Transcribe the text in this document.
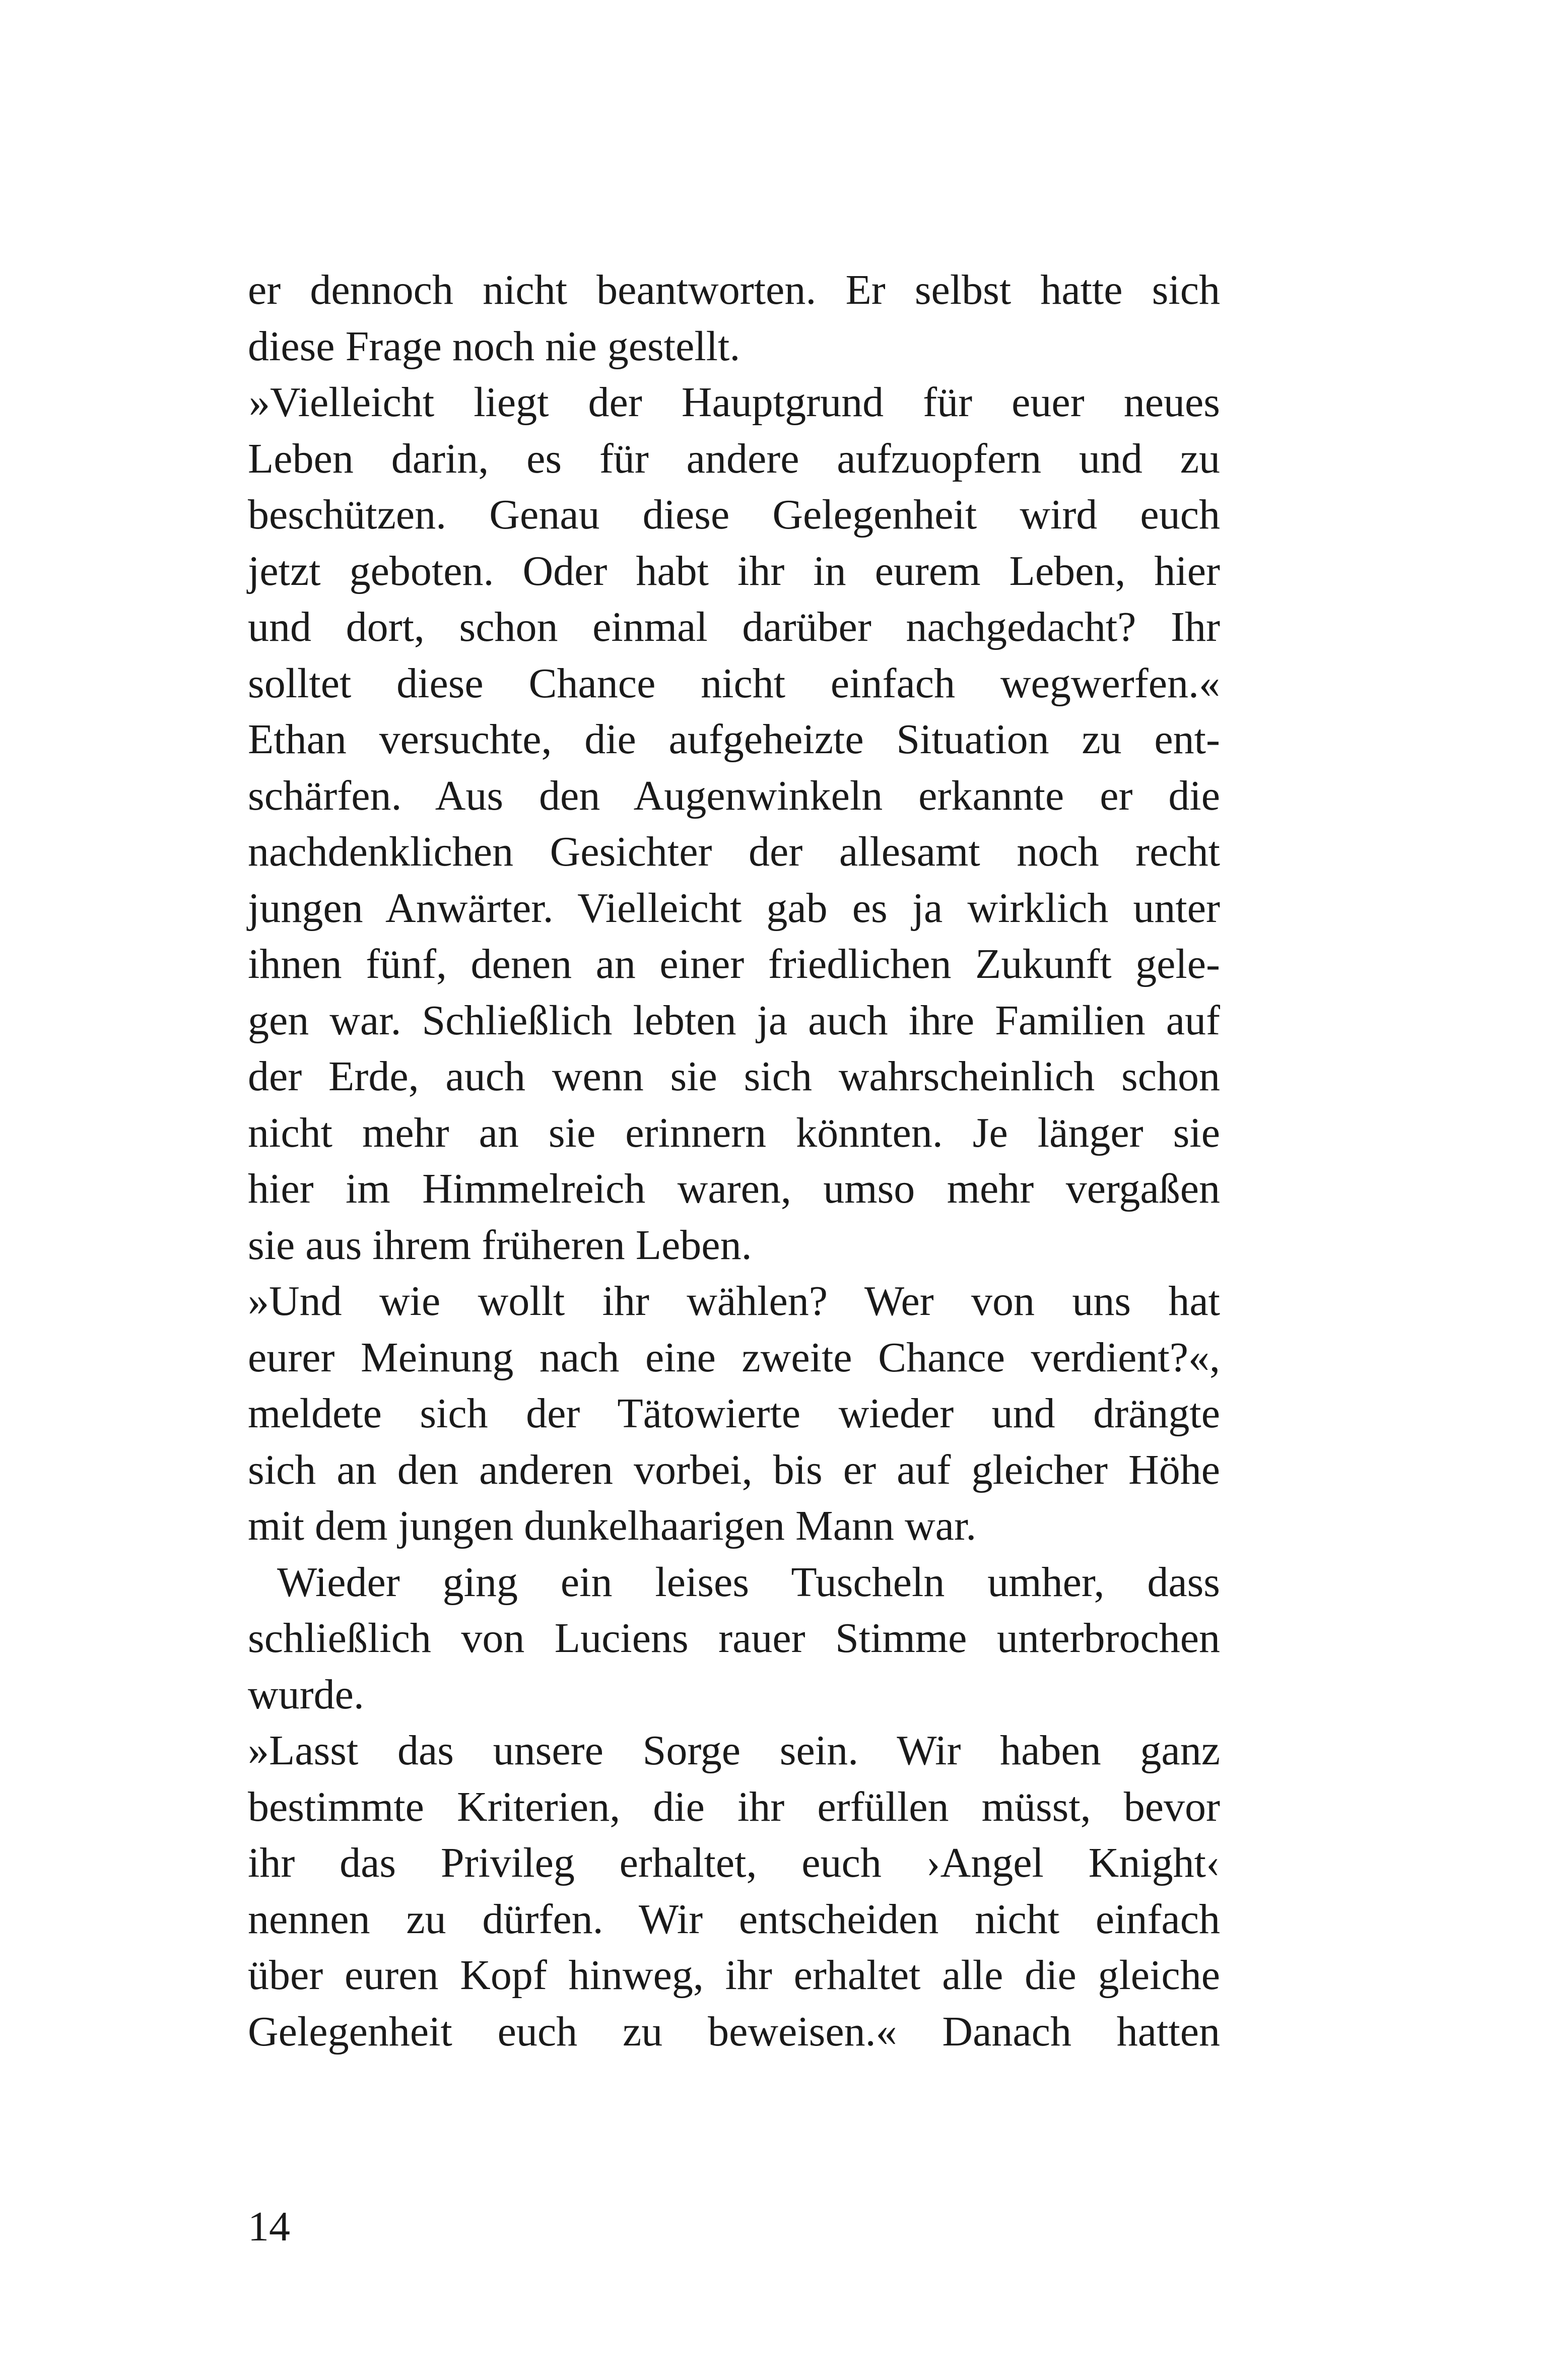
er dennoch nicht beantworten. Er selbst hatte sich
diese Frage noch nie gestellt.
»Vielleicht liegt der Hauptgrund für euer neues
Leben darin, es für andere aufzuopfern und zu
beschützen. Genau diese Gelegenheit wird euch
jetzt geboten. Oder habt ihr in eurem Leben, hier
und dort, schon einmal darüber nachgedacht? Ihr
solltet diese Chance nicht einfach wegwerfen.«
Ethan versuchte, die aufgeheizte Situation zu ent-
schärfen. Aus den Augenwinkeln erkannte er die
nachdenklichen Gesichter der allesamt noch recht
jungen Anwärter. Vielleicht gab es ja wirklich unter
ihnen fünf, denen an einer friedlichen Zukunft gele-
gen war. Schließlich lebten ja auch ihre Familien auf
der Erde, auch wenn sie sich wahrscheinlich schon
nicht mehr an sie erinnern könnten. Je länger sie
hier im Himmelreich waren, umso mehr vergaßen
sie aus ihrem früheren Leben.
»Und wie wollt ihr wählen? Wer von uns hat
eurer Meinung nach eine zweite Chance verdient?«,
meldete sich der Tätowierte wieder und drängte
sich an den anderen vorbei, bis er auf gleicher Höhe
mit dem jungen dunkelhaarigen Mann war.
Wieder ging ein leises Tuscheln umher, dass
schließlich von Luciens rauer Stimme unterbrochen
wurde.
»Lasst das unsere Sorge sein. Wir haben ganz
bestimmte Kriterien, die ihr erfüllen müsst, bevor
ihr das Privileg erhaltet, euch ›Angel Knight‹
nennen zu dürfen. Wir entscheiden nicht einfach
über euren Kopf hinweg, ihr erhaltet alle die gleiche
Gelegenheit euch zu beweisen.« Danach hatten
14
